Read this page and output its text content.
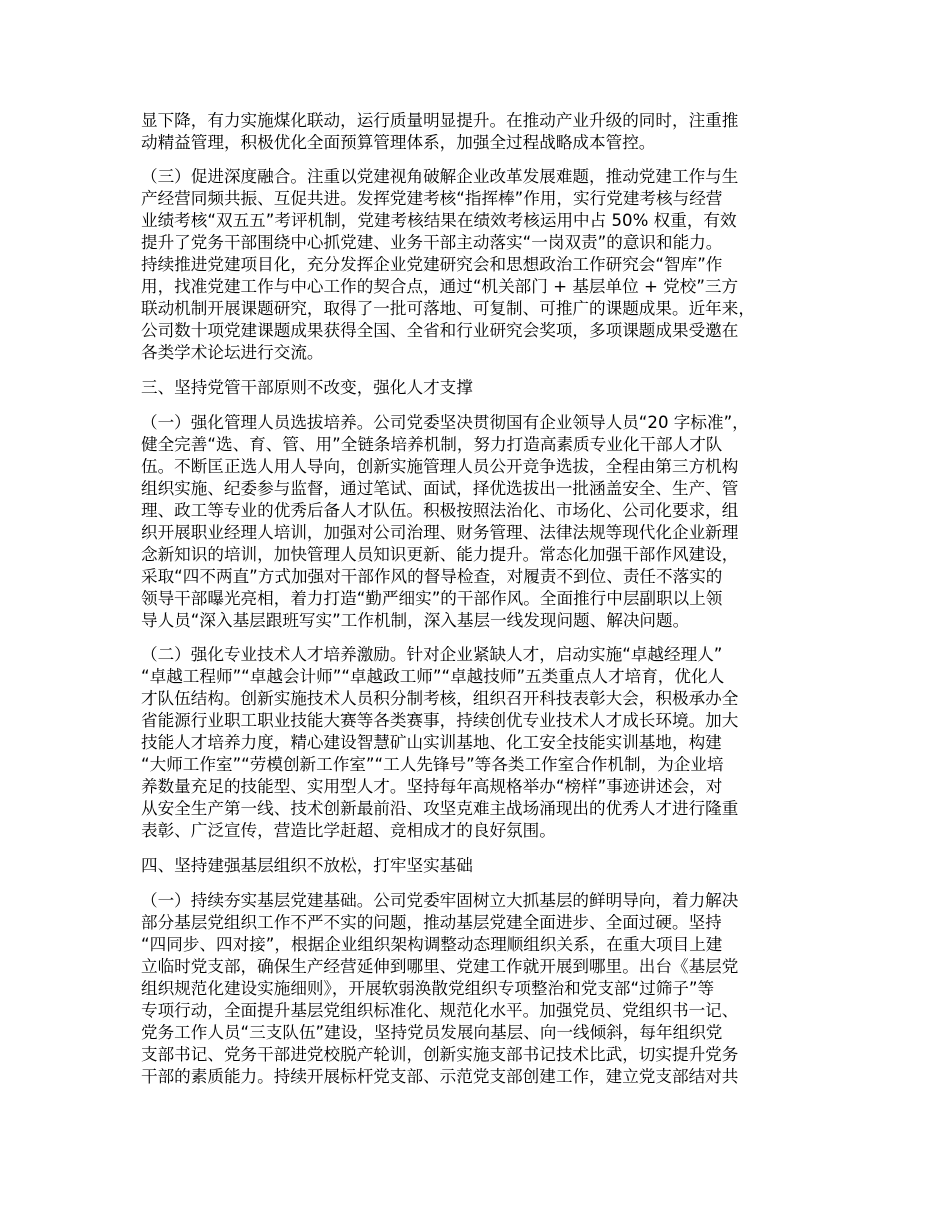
显下降，有力实施煤化联动，运行质量明显提升。在推动产业升级的同时，注重推
动精益管理，积极优化全面预算管理体系，加强全过程战略成本管控。
（三）促进深度融合。注重以党建视角破解企业改革发展难题，推动党建工作与生
产经营同频共振、互促共进。发挥党建考核“指挥棒”作用，实行党建考核与经营
业绩考核“双五五”考评机制，党建考核结果在绩效考核运用中占 50% 权重，有效
提升了党务干部围绕中心抓党建、业务干部主动落实“一岗双责”的意识和能力。
持续推进党建项目化，充分发挥企业党建研究会和思想政治工作研究会“智库”作
用，找准党建工作与中心工作的契合点，通过“机关部门 + 基层单位 + 党校”三方
联动机制开展课题研究，取得了一批可落地、可复制、可推广的课题成果。近年来，
公司数十项党建课题成果获得全国、全省和行业研究会奖项，多项课题成果受邀在
各类学术论坛进行交流。
三、坚持党管干部原则不改变，强化人才支撑
（一）强化管理人员选拔培养。公司党委坚决贯彻国有企业领导人员“20 字标准”，
健全完善“选、育、管、用”全链条培养机制，努力打造高素质专业化干部人才队
伍。不断匡正选人用人导向，创新实施管理人员公开竞争选拔，全程由第三方机构
组织实施、纪委参与监督，通过笔试、面试，择优选拔出一批涵盖安全、生产、管
理、政工等专业的优秀后备人才队伍。积极按照法治化、市场化、公司化要求，组
织开展职业经理人培训，加强对公司治理、财务管理、法律法规等现代化企业新理
念新知识的培训，加快管理人员知识更新、能力提升。常态化加强干部作风建设，
采取“四不两直”方式加强对干部作风的督导检查，对履责不到位、责任不落实的
领导干部曝光亮相，着力打造“勤严细实”的干部作风。全面推行中层副职以上领
导人员“深入基层跟班写实”工作机制，深入基层一线发现问题、解决问题。
（二）强化专业技术人才培养激励。针对企业紧缺人才，启动实施“卓越经理人”
“卓越工程师”“卓越会计师”“卓越政工师”“卓越技师”五类重点人才培育，优化人
才队伍结构。创新实施技术人员积分制考核，组织召开科技表彰大会，积极承办全
省能源行业职工职业技能大赛等各类赛事，持续创优专业技术人才成长环境。加大
技能人才培养力度，精心建设智慧矿山实训基地、化工安全技能实训基地，构建
“大师工作室”“劳模创新工作室”“工人先锋号”等各类工作室合作机制，为企业培
养数量充足的技能型、实用型人才。坚持每年高规格举办“榜样”事迹讲述会，对
从安全生产第一线、技术创新最前沿、攻坚克难主战场涌现出的优秀人才进行隆重
表彰、广泛宣传，营造比学赶超、竞相成才的良好氛围。
四、坚持建强基层组织不放松，打牢坚实基础
（一）持续夯实基层党建基础。公司党委牢固树立大抓基层的鲜明导向，着力解决
部分基层党组织工作不严不实的问题，推动基层党建全面进步、全面过硬。坚持
“四同步、四对接”，根据企业组织架构调整动态理顺组织关系，在重大项目上建
立临时党支部，确保生产经营延伸到哪里、党建工作就开展到哪里。出台《基层党
组织规范化建设实施细则》，开展软弱涣散党组织专项整治和党支部“过筛子”等
专项行动，全面提升基层党组织标准化、规范化水平。加强党员、党组织书一记、
党务工作人员“三支队伍”建设，坚持党员发展向基层、向一线倾斜，每年组织党
支部书记、党务干部进党校脱产轮训，创新实施支部书记技术比武，切实提升党务
干部的素质能力。持续开展标杆党支部、示范党支部创建工作，建立党支部结对共
